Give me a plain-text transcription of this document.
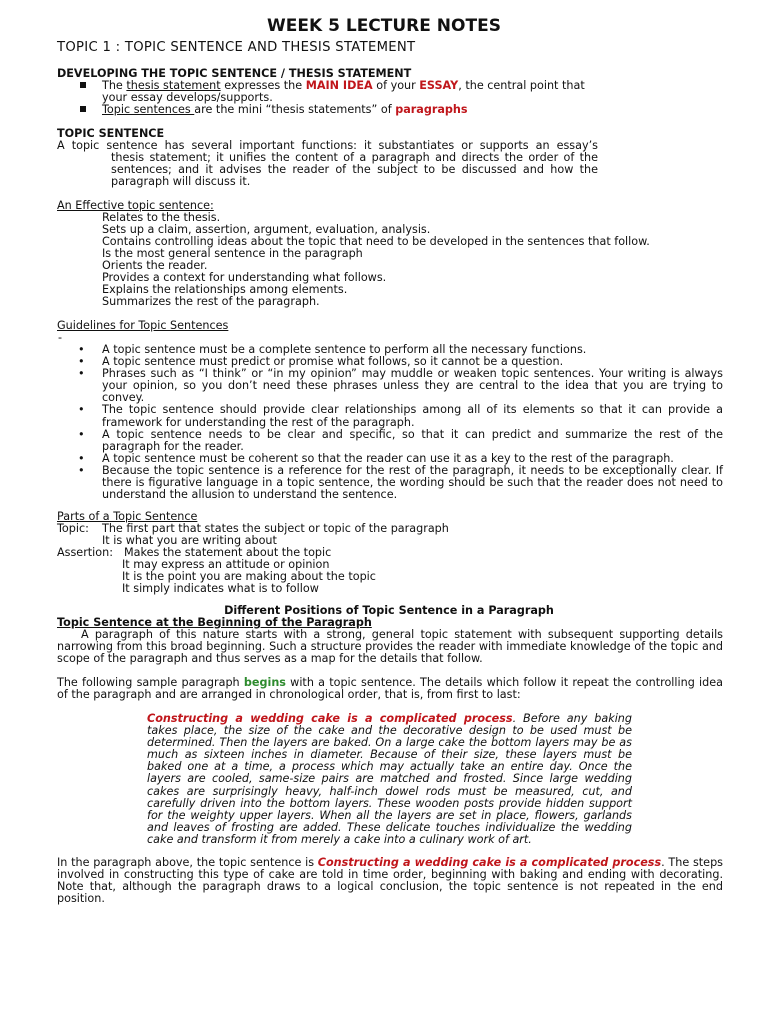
WEEK 5 LECTURE NOTES
TOPIC 1 : TOPIC SENTENCE AND THESIS STATEMENT
DEVELOPING THE TOPIC SENTENCE / THESIS STATEMENT
The thesis statement expresses the MAIN IDEA of your ESSAY, the central point that
your essay develops/supports.
Topic sentences are the mini “thesis statements” of paragraphs
TOPIC SENTENCE
A topic sentence has several important functions: it substantiates or supports an essay’s
thesis statement; it unifies the content of a paragraph and directs the order of the
sentences; and it advises the reader of the subject to be discussed and how the
paragraph will discuss it.
An Effective topic sentence:
Relates to the thesis.
Sets up a claim, assertion, argument, evaluation, analysis.
Contains controlling ideas about the topic that need to be developed in the sentences that follow.
Is the most general sentence in the paragraph
Orients the reader.
Provides a context for understanding what follows.
Explains the relationships among elements.
Summarizes the rest of the paragraph.
Guidelines for Topic Sentences
-
• A topic sentence must be a complete sentence to perform all the necessary functions.
• A topic sentence must predict or promise what follows, so it cannot be a question.
• Phrases such as “I think” or “in my opinion” may muddle or weaken topic sentences. Your writing is always your opinion, so you don’t need these phrases unless they are central to the idea that you are trying to convey.
• The topic sentence should provide clear relationships among all of its elements so that it can provide a framework for understanding the rest of the paragraph.
• A topic sentence needs to be clear and specific, so that it can predict and summarize the rest of the paragraph for the reader.
• A topic sentence must be coherent so that the reader can use it as a key to the rest of the paragraph.
• Because the topic sentence is a reference for the rest of the paragraph, it needs to be exceptionally clear. If there is figurative language in a topic sentence, the wording should be such that the reader does not need to understand the allusion to understand the sentence.
Parts of a Topic Sentence
Topic: The first part that states the subject or topic of the paragraph
It is what you are writing about
Assertion: Makes the statement about the topic
It may express an attitude or opinion
It is the point you are making about the topic
It simply indicates what is to follow
Different Positions of Topic Sentence in a Paragraph
Topic Sentence at the Beginning of the Paragraph
A paragraph of this nature starts with a strong, general topic statement with subsequent supporting details narrowing from this broad beginning. Such a structure provides the reader with immediate knowledge of the topic and scope of the paragraph and thus serves as a map for the details that follow.
The following sample paragraph begins with a topic sentence. The details which follow it repeat the controlling idea of the paragraph and are arranged in chronological order, that is, from first to last:
Constructing a wedding cake is a complicated process. Before any baking takes place, the size of the cake and the decorative design to be used must be determined. Then the layers are baked. On a large cake the bottom layers may be as much as sixteen inches in diameter. Because of their size, these layers must be baked one at a time, a process which may actually take an entire day. Once the layers are cooled, same-size pairs are matched and frosted. Since large wedding cakes are surprisingly heavy, half-inch dowel rods must be measured, cut, and carefully driven into the bottom layers. These wooden posts provide hidden support for the weighty upper layers. When all the layers are set in place, flowers, garlands and leaves of frosting are added. These delicate touches individualize the wedding cake and transform it from merely a cake into a culinary work of art.
In the paragraph above, the topic sentence is Constructing a wedding cake is a complicated process. The steps involved in constructing this type of cake are told in time order, beginning with baking and ending with decorating. Note that, although the paragraph draws to a logical conclusion, the topic sentence is not repeated in the end position.
